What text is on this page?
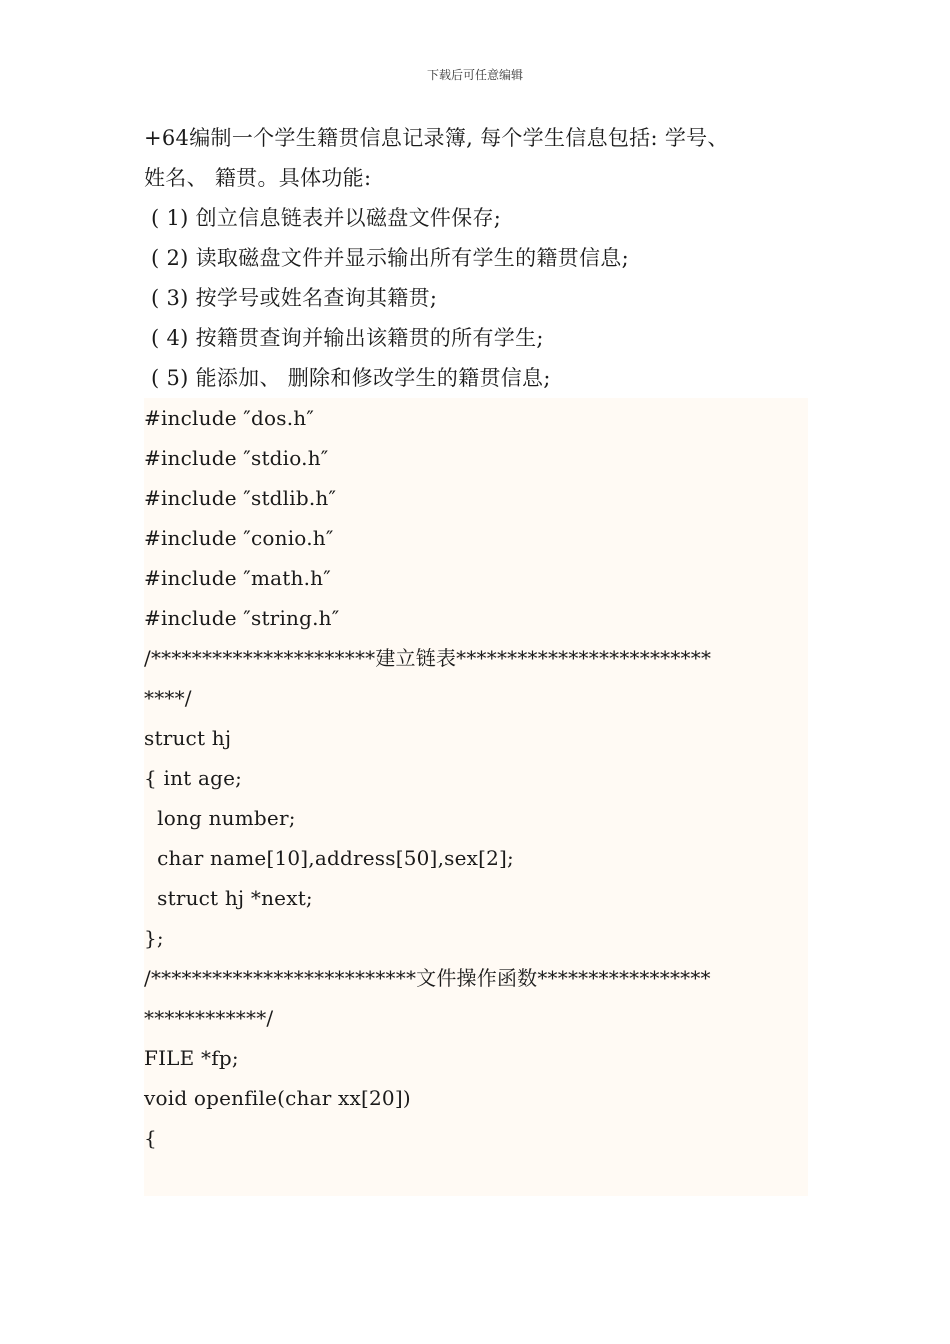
下载后可任意编辑
+64编制一个学生籍贯信息记录簿, 每个学生信息包括: 学号、
姓名、 籍贯。具体功能:
( 1) 创立信息链表并以磁盘文件保存;
( 2) 读取磁盘文件并显示输出所有学生的籍贯信息;
( 3) 按学号或姓名查询其籍贯;
( 4) 按籍贯查询并输出该籍贯的所有学生;
( 5) 能添加、 删除和修改学生的籍贯信息;
#include ″dos.h″
#include ″stdio.h″
#include ″stdlib.h″
#include ″conio.h″
#include ″math.h″
#include ″string.h″
/**********************建立链表*************************
****/
struct hj
{ int age;
long number;
char name[10],address[50],sex[2];
struct hj *next;
};
/**************************文件操作函数*****************
************/
FILE *fp;
void openfile(char xx[20])
{
